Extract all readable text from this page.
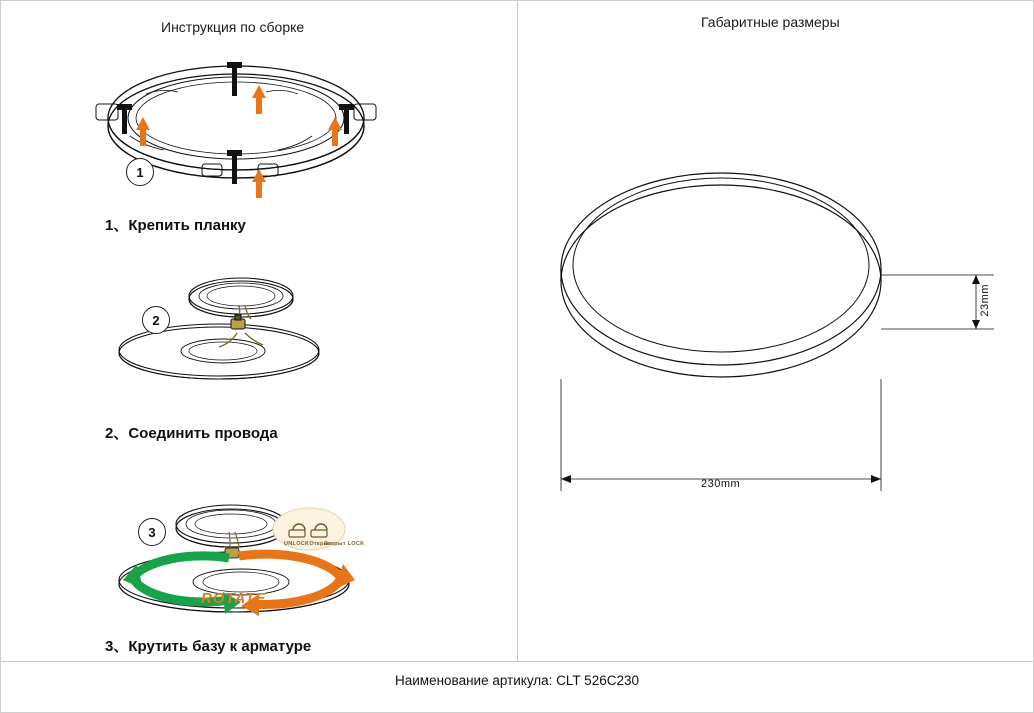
Инструкция по сборке	Габаритные размеры
1
1、Крепить планку
2
2、Соединить провода
UNLOCKОткрыт
Закрыт LOCK
ROTATE
3
3、Крутить базу к арматуре
230mm
23mm
Наименование артикула: CLT 526C230
